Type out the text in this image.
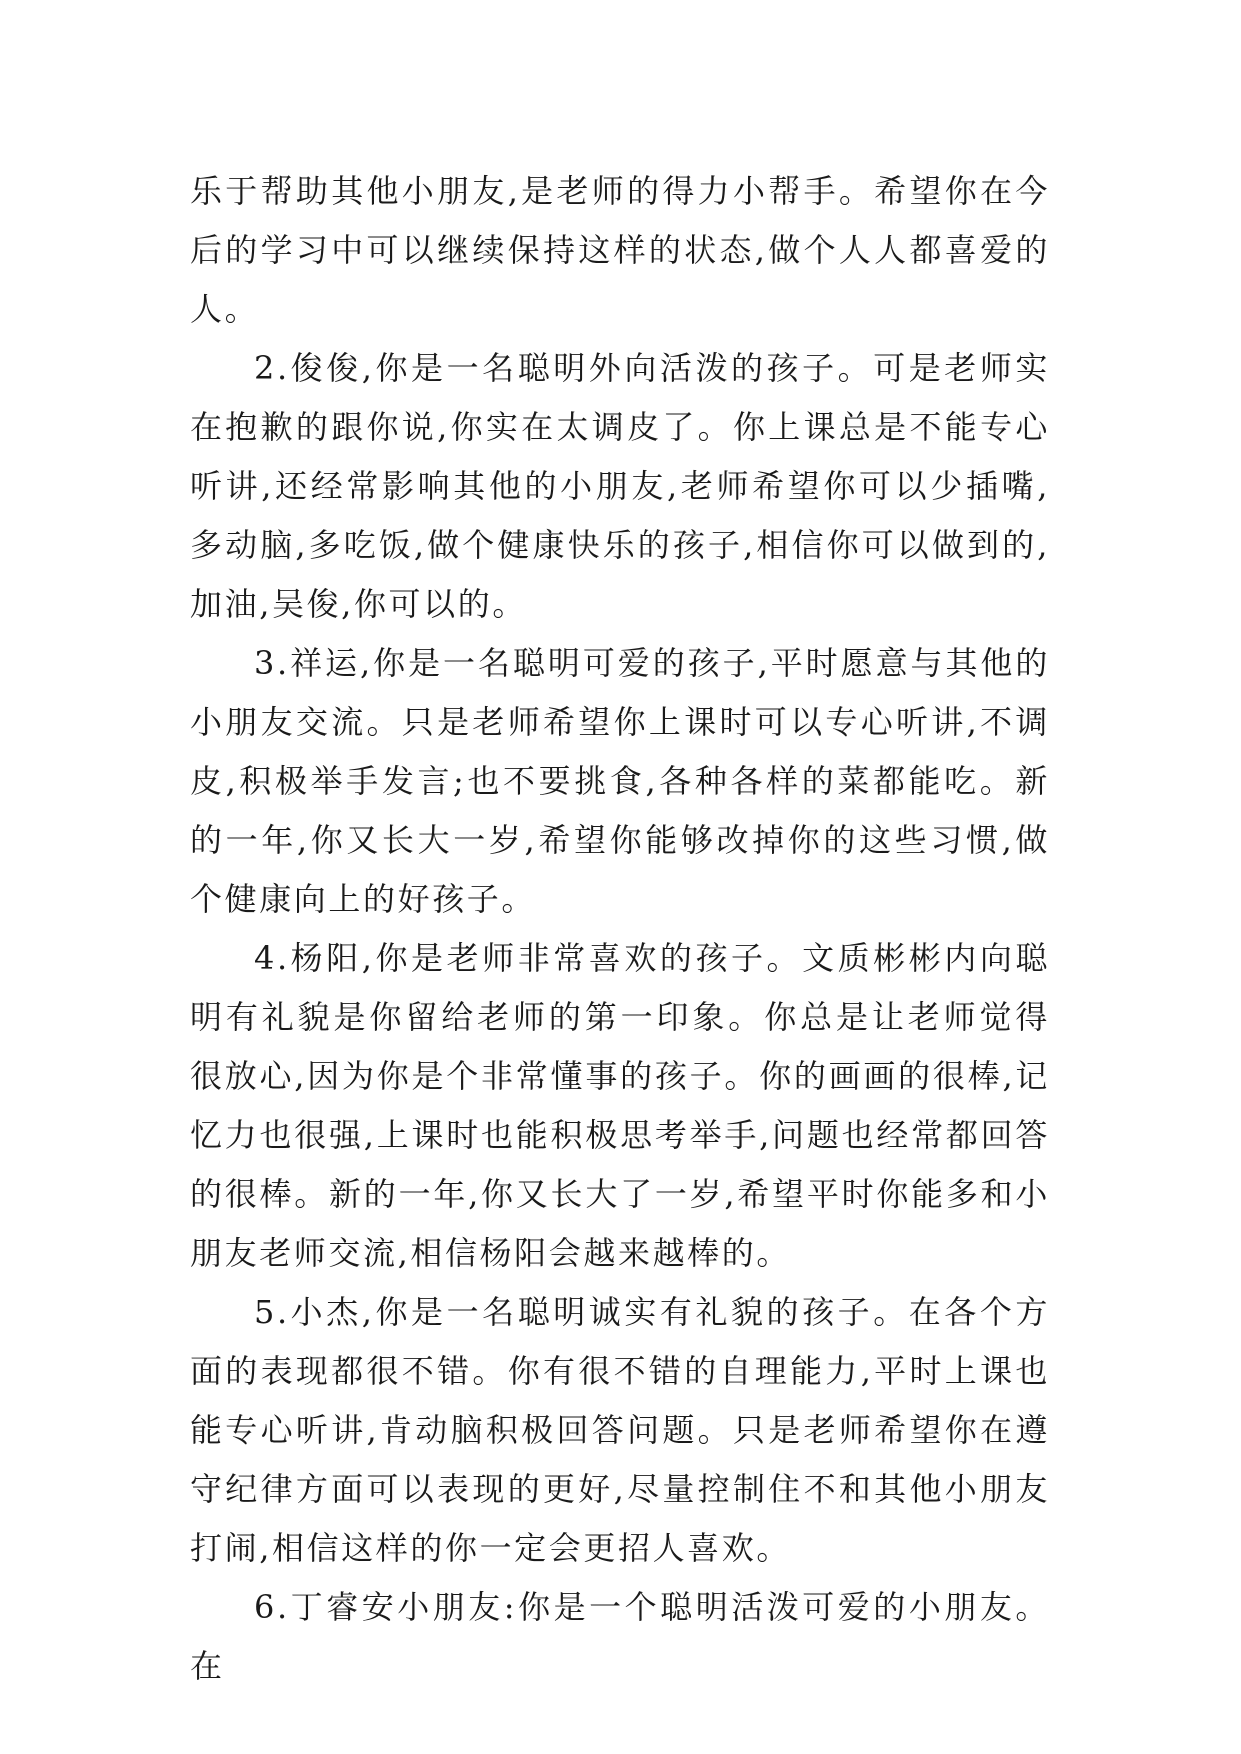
乐于帮助其他小朋友,是老师的得力小帮手。希望你在今后的学习中可以继续保持这样的状态,做个人人都喜爱的人。

2.俊俊,你是一名聪明外向活泼的孩子。可是老师实在抱歉的跟你说,你实在太调皮了。你上课总是不能专心听讲,还经常影响其他的小朋友,老师希望你可以少插嘴,多动脑,多吃饭,做个健康快乐的孩子,相信你可以做到的,加油,吴俊,你可以的。

3.祥运,你是一名聪明可爱的孩子,平时愿意与其他的小朋友交流。只是老师希望你上课时可以专心听讲,不调皮,积极举手发言;也不要挑食,各种各样的菜都能吃。新的一年,你又长大一岁,希望你能够改掉你的这些习惯,做个健康向上的好孩子。

4.杨阳,你是老师非常喜欢的孩子。文质彬彬内向聪明有礼貌是你留给老师的第一印象。你总是让老师觉得很放心,因为你是个非常懂事的孩子。你的画画的很棒,记忆力也很强,上课时也能积极思考举手,问题也经常都回答的很棒。新的一年,你又长大了一岁,希望平时你能多和小朋友老师交流,相信杨阳会越来越棒的。

5.小杰,你是一名聪明诚实有礼貌的孩子。在各个方面的表现都很不错。你有很不错的自理能力,平时上课也能专心听讲,肯动脑积极回答问题。只是老师希望你在遵守纪律方面可以表现的更好,尽量控制住不和其他小朋友打闹,相信这样的你一定会更招人喜欢。

6.丁睿安小朋友:你是一个聪明活泼可爱的小朋友。在
